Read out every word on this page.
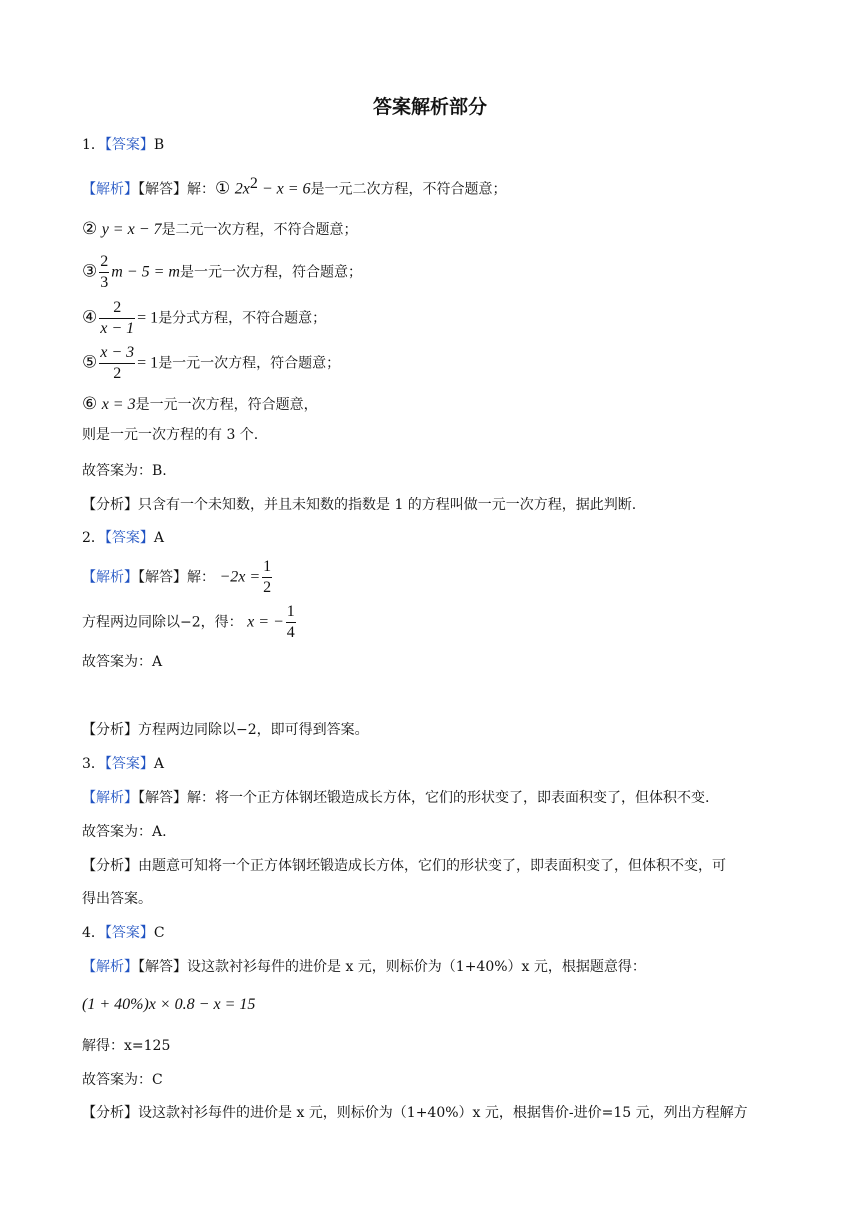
答案解析部分
1．【答案】B
【解析】【解答】解：① $2x^2 - x = 6$是一元二次方程，不符合题意；
② y = x − 7是二元一次方程，不符合题意；
③ $\frac{2}{3}$ m − 5 = m是一元一次方程，符合题意；
④ $\frac{2}{x - 1} = 1$是分式方程，不符合题意；
⑤ $\frac{x - 3}{2} = 1$是一元一次方程，符合题意；
⑥ x = 3是一元一次方程，符合题意，
则是一元一次方程的有 3 个.
故答案为：B.
【分析】只含有一个未知数，并且未知数的指数是 1 的方程叫做一元一次方程，据此判断.
2．【答案】A
【解析】【解答】解： $-2x = \frac{1}{2}$
方程两边同除以−2，得： x = − $\frac{1}{4}$
故答案为：A
【分析】方程两边同除以−2，即可得到答案。
3．【答案】A
【解析】【解答】解：将一个正方体钢坯锻造成长方体，它们的形状变了，即表面积变了，但体积不变.
故答案为：A.
【分析】由题意可知将一个正方体钢坯锻造成长方体，它们的形状变了，即表面积变了，但体积不变，可
得出答案。
4．【答案】C
【解析】【解答】设这款衬衫每件的进价是 x 元，则标价为（1+40%）x 元，根据题意得：
(1 + 40%)x × 0.8 − x = 15
解得：x=125
故答案为：C
【分析】设这款衬衫每件的进价是 x 元，则标价为（1+40%）x 元，根据售价-进价=15 元，列出方程解方
